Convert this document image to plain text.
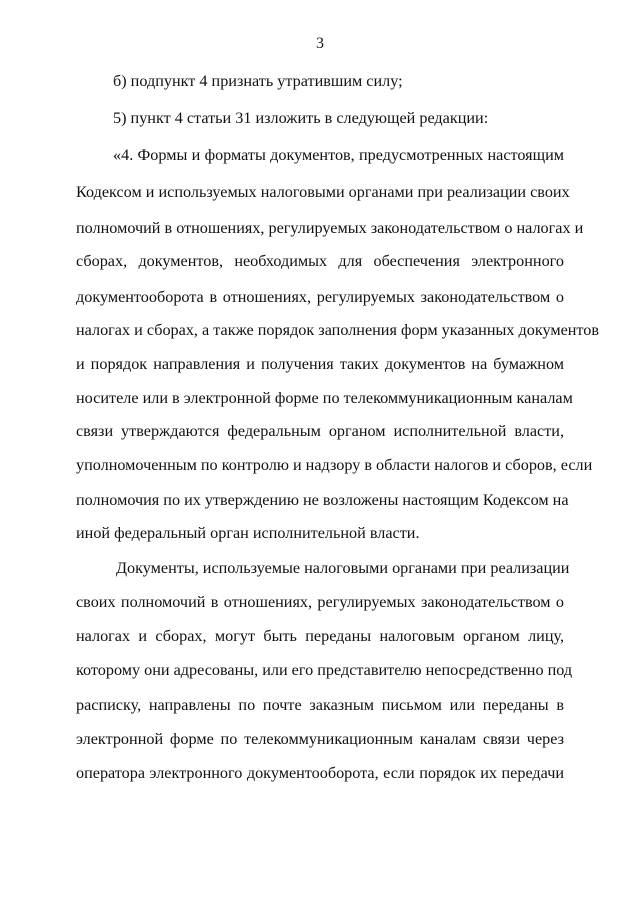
3
б) подпункт 4 признать утратившим силу;
5) пункт 4 статьи 31 изложить в следующей редакции:
«4. Формы и форматы документов, предусмотренных настоящим
Кодексом и используемых налоговыми органами при реализации своих
полномочий в отношениях, регулируемых законодательством о налогах и
сборах, документов, необходимых для обеспечения электронного
документооборота в отношениях, регулируемых законодательством о
налогах и сборах, а также порядок заполнения форм указанных документов
и порядок направления и получения таких документов на бумажном
носителе или в электронной форме по телекоммуникационным каналам
связи утверждаются федеральным органом исполнительной власти,
уполномоченным по контролю и надзору в области налогов и сборов, если
полномочия по их утверждению не возложены настоящим Кодексом на
иной федеральный орган исполнительной власти.
Документы, используемые налоговыми органами при реализации
своих полномочий в отношениях, регулируемых законодательством о
налогах и сборах, могут быть переданы налоговым органом лицу,
которому они адресованы, или его представителю непосредственно под
расписку, направлены по почте заказным письмом или переданы в
электронной форме по телекоммуникационным каналам связи через
оператора электронного документооборота, если порядок их передачи
